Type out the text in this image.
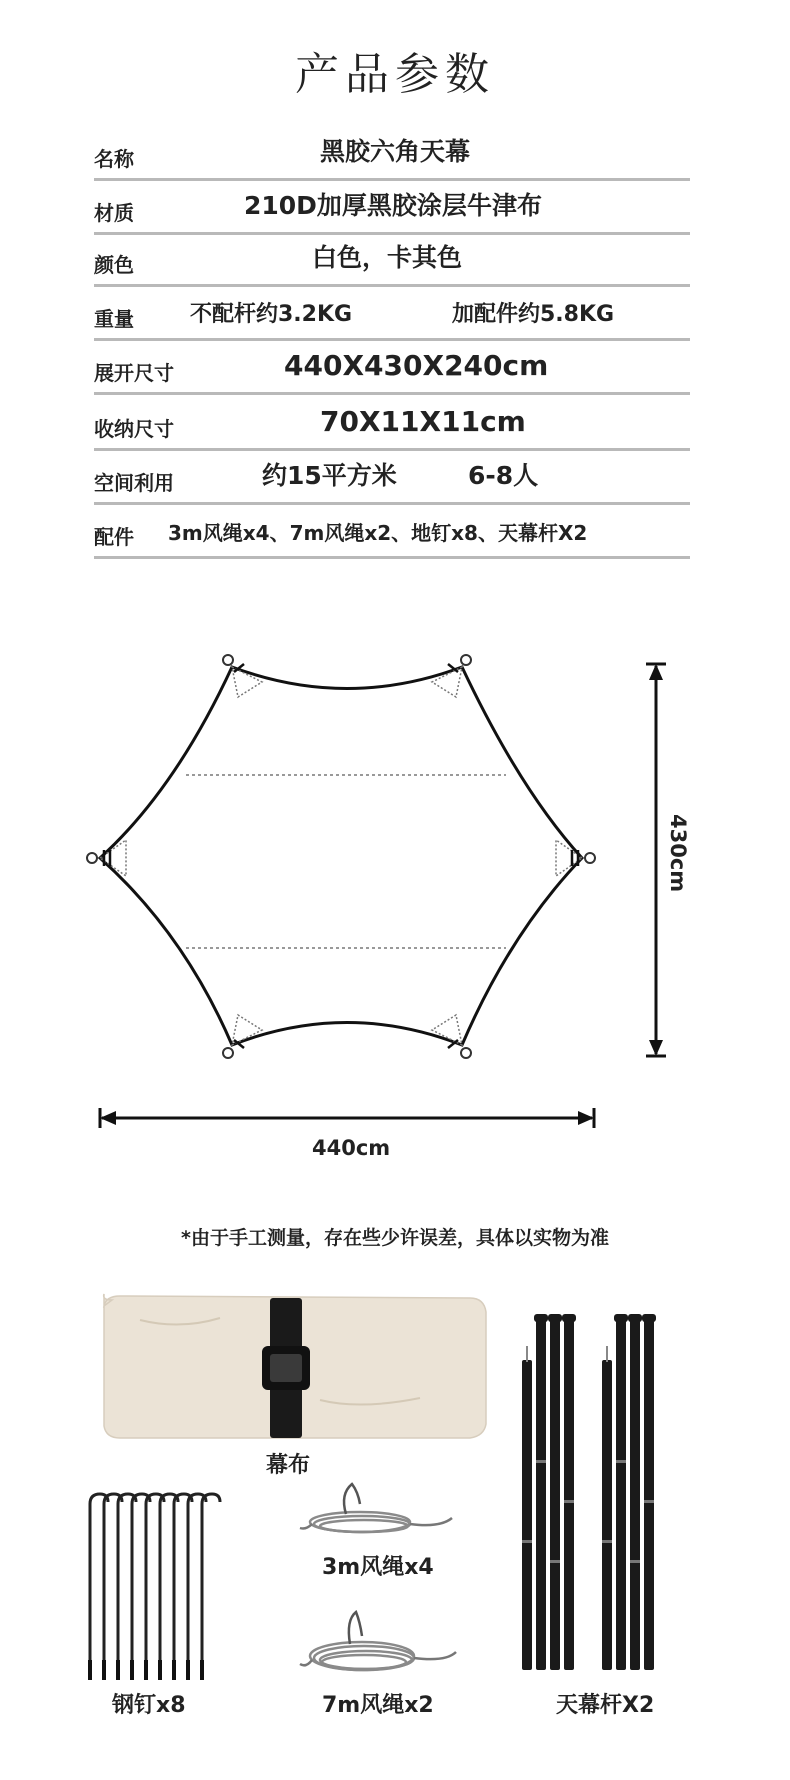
产品参数
名称	黑胶六角天幕
材质	210D加厚黑胶涂层牛津布
颜色	白色，卡其色
重量	不配杆约3.2KG	加配件约5.8KG
展开尺寸	440X430X240cm
收纳尺寸	70X11X11cm
空间利用	约15平方米	6-8人
配件 3m风绳x4、7m风绳x2、地钉x8、天幕杆X2
430cm
440cm
*由于手工测量，存在些少许误差，具体以实物为准
幕布
3m风绳x4
7m风绳x2
钢钉x8	天幕杆X2
